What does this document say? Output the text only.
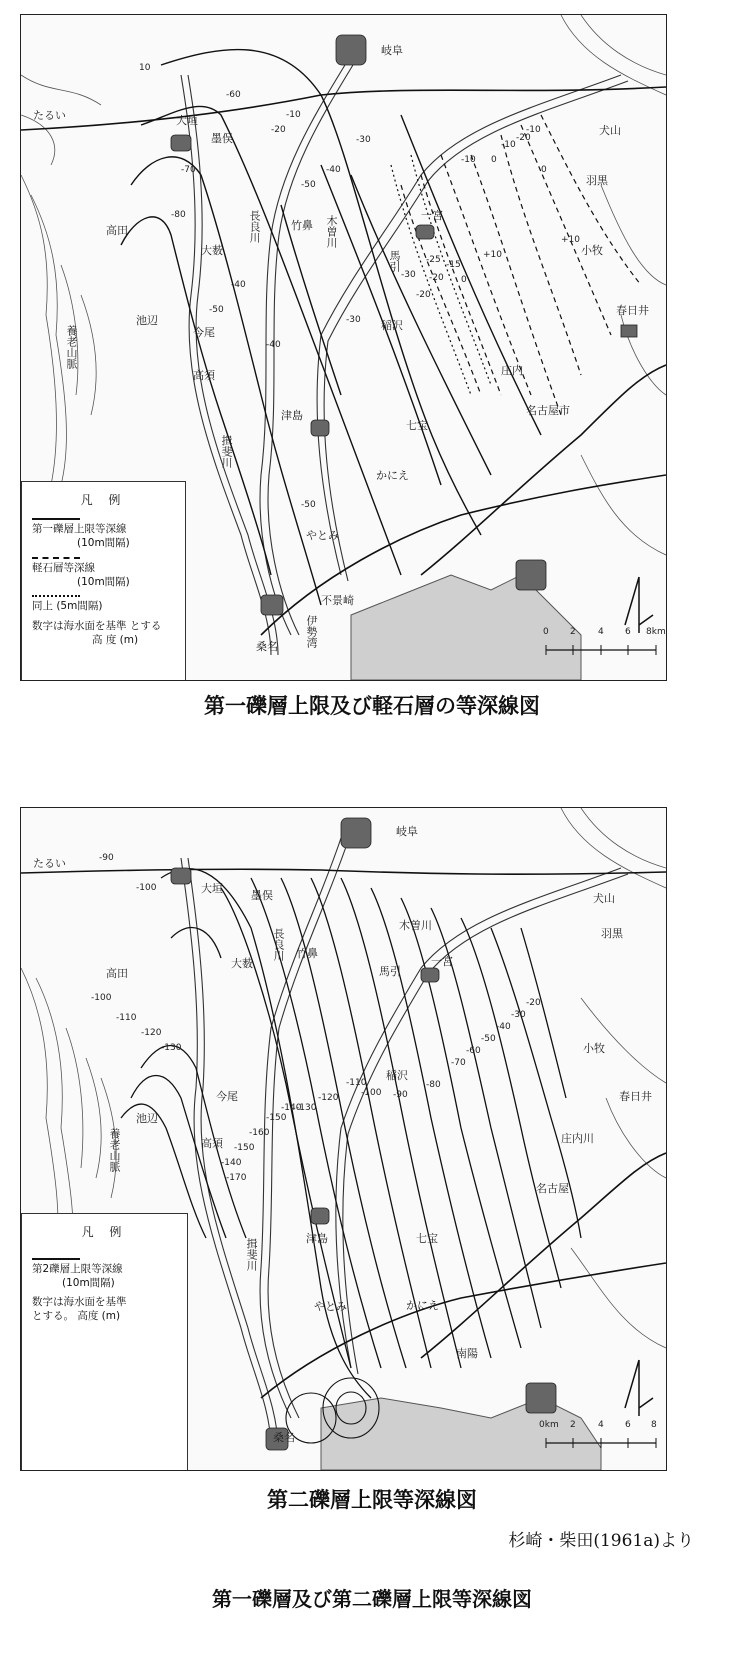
岐阜
たるい	大垣
墨俣
犬山
羽黒
高田	長良川	竹鼻 木曽川	一宮
小牧
春日井
大薮	馬引
池辺
今尾
稲沢
養老山脈
高須	庄内
名古屋市
津島
揖斐川
七宝
かにえ
やとみ
不景崎
桑名 伊勢湾
10
-60
-70
-80
-10
-20
-30
-40
-50
-30
-40
-50
-20
-30
-40
-50
-10 0
+10
-20
-25 -15
-10
0
-20
-10
0
+10
凡 例
第一礫層上限等深線
(10m間隔)
軽石層等深線
(10m間隔)
同上 (5m間隔)
数字は海水面を基準 とする
高 度 (m)
0 2 4 6 8km
第一礫層上限及び軽石層の等深線図
岐阜
たるい
大垣
墨俣	犬山
羽黒
高田
長良川 竹鼻
木曽川
一宮
小牧
春日井
大薮
馬引
池辺
今尾
稲沢
養老山脈	高須	庄内川
名古屋
津島
揖斐川	七宝
かにえ
やとみ
桑名
南陽
-90
-100
-100
-110
-120
-130
-140
-150
-160
-170
-150
-140
-130
-120
-110
-100 -90
-80
-70
-60
-50
-40
-30
-20
凡 例
第2礫層上限等深線
(10m間隔)
数字は海水面を基準
とする。 高度 (m)
0km 2 4 6 8
第二礫層上限等深線図
杉崎・柴田(1961a)より
第一礫層及び第二礫層上限等深線図
